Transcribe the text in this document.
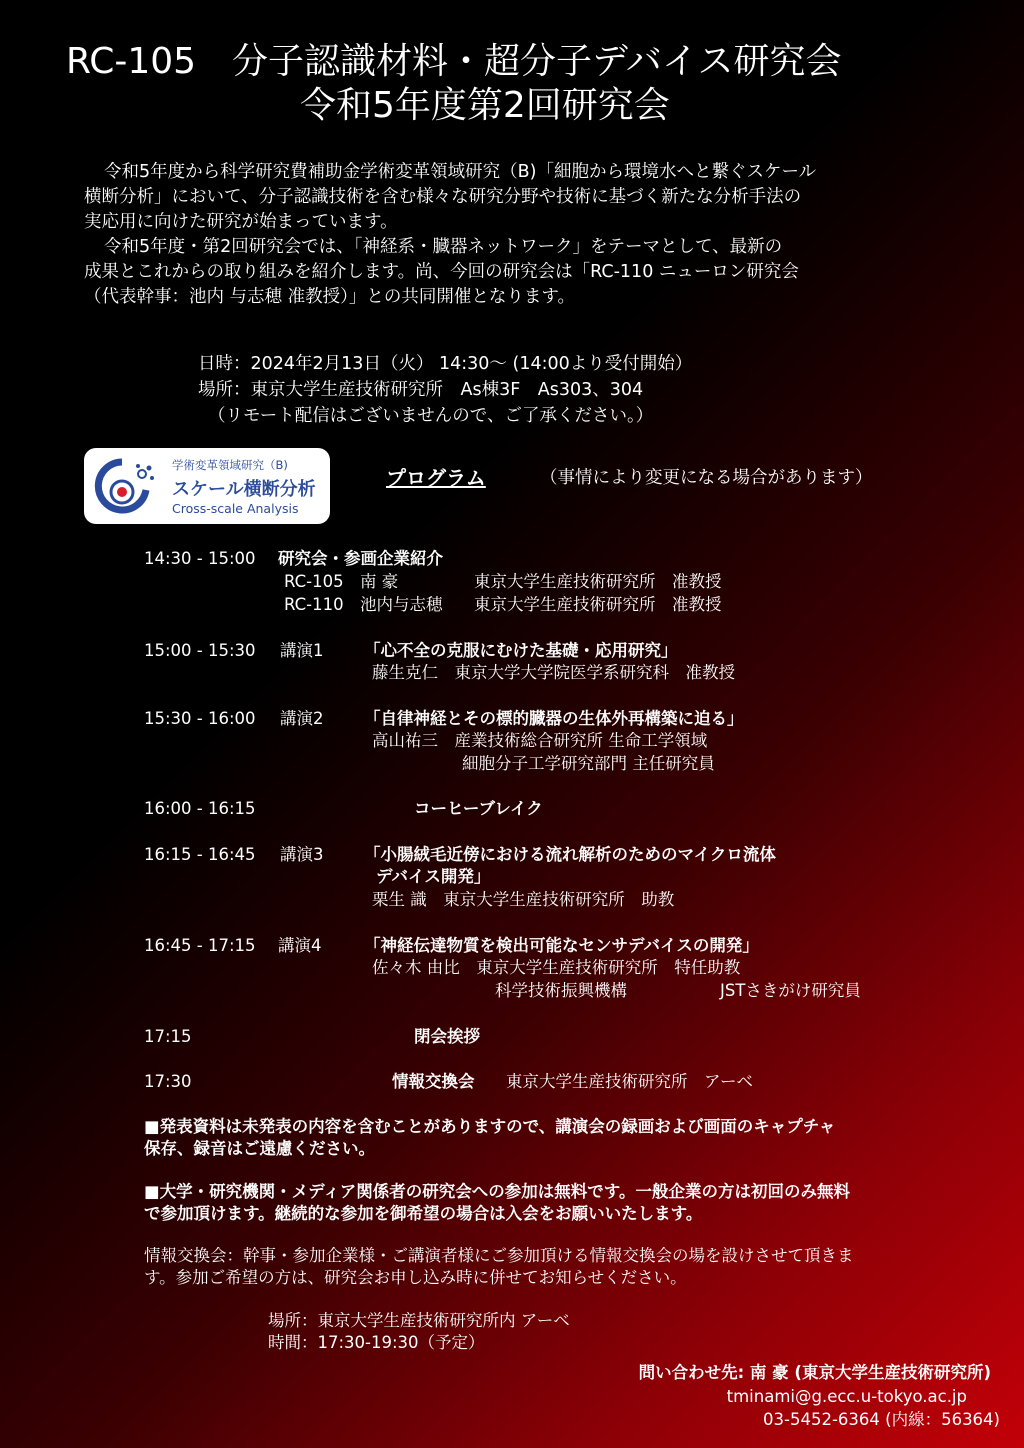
RC-105　分子認識材料・超分子デバイス研究会
令和5年度第2回研究会
令和5年度から科学研究費補助金学術変革領域研究（B)「細胞から環境水へと繋ぐスケール
横断分析」において、分子認識技術を含む様々な研究分野や技術に基づく新たな分析手法の
実応用に向けた研究が始まっています。
令和5年度・第2回研究会では、「神経系・臓器ネットワーク」をテーマとして、最新の
成果とこれからの取り組みを紹介します。尚、今回の研究会は「RC-110 ニューロン研究会
（代表幹事：池内 与志穂 准教授）」との共同開催となります。
日時：2024年2月13日（火） 14:30～ (14:00より受付開始）
場所：東京大学生産技術研究所　As棟3F　As303、304
（リモート配信はございませんので、ご了承ください。）
学術変革領域研究（B)
スケール横断分析
Cross-scale Analysis
プログラム	（事情により変更になる場合があります）
14:30 - 15:00 研究会・参画企業紹介
RC-105 南 豪	東京大学生産技術研究所　准教授
RC-110 池内与志穂 東京大学生産技術研究所　准教授
15:00 - 15:30 講演1 「心不全の克服にむけた基礎・応用研究」
藤生克仁　東京大学大学院医学系研究科　准教授
15:30 - 16:00 講演2 「自律神経とその標的臓器の生体外再構築に迫る」
高山祐三　産業技術総合研究所 生命工学領域
細胞分子工学研究部門 主任研究員
16:00 - 16:15	コーヒーブレイク
16:15 - 16:45 講演3 「小腸絨毛近傍における流れ解析のためのマイクロ流体
デバイス開発」
栗生 識　東京大学生産技術研究所　助教
16:45 - 17:15 講演4	「神経伝達物質を検出可能なセンサデバイスの開発」
佐々木 由比　東京大学生産技術研究所　特任助教
科学技術振興機構	JSTさきがけ研究員
17:15	閉会挨拶
17:30	情報交換会 東京大学生産技術研究所　アーベ
■発表資料は未発表の内容を含むことがありますので、講演会の録画および画面のキャプチャ
保存、録音はご遠慮ください。
■大学・研究機関・メディア関係者の研究会への参加は無料です。一般企業の方は初回のみ無料
で参加頂けます。継続的な参加を御希望の場合は入会をお願いいたします。
情報交換会：幹事・参加企業様・ご講演者様にご参加頂ける情報交換会の場を設けさせて頂きま
す。参加ご希望の方は、研究会お申し込み時に併せてお知らせください。
場所：東京大学生産技術研究所内 アーベ
時間：17:30-19:30（予定）
問い合わせ先: 南 豪 (東京大学生産技術研究所)
tminami@g.ecc.u-tokyo.ac.jp
03-5452-6364 (内線：56364)
